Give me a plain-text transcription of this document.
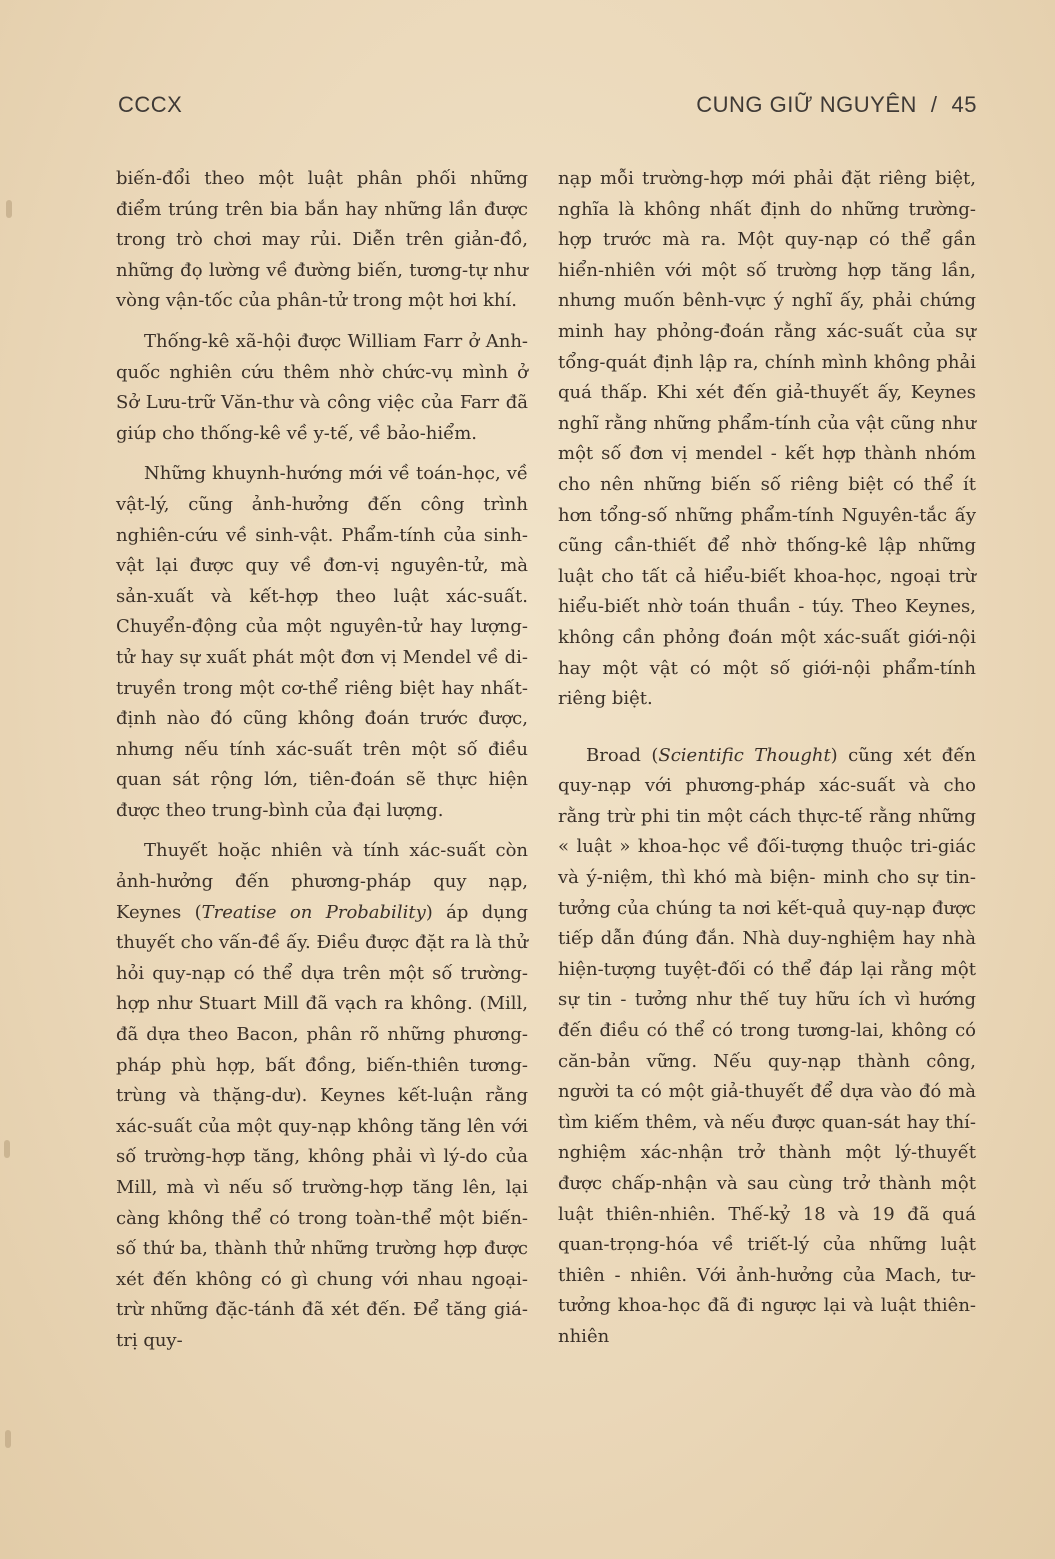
CCCX	CUNG GIỮ NGUYÊN / 45

biến-đổi theo một luật phân phối những điểm trúng trên bia bắn hay những lần được trong trò chơi may rủi. Diễn trên giản-đồ, những đọ lường về đường biến, tương-tự như vòng vận-tốc của phân-tử trong một hơi khí.

Thống-kê xã-hội được William Farr ở Anh-quốc nghiên cứu thêm nhờ chức-vụ mình ở Sở Lưu-trữ Văn-thư và công việc của Farr đã giúp cho thống-kê về y-tế, về bảo-hiểm.

Những khuynh-hướng mới về toán-học, về vật-lý, cũng ảnh-hưởng đến công trình nghiên-cứu về sinh-vật. Phẩm-tính của sinh-vật lại được quy về đơn-vị nguyên-tử, mà sản-xuất và kết-hợp theo luật xác-suất. Chuyển-động của một nguyên-tử hay lượng-tử hay sự xuất phát một đơn vị Mendel về di-truyền trong một cơ-thể riêng biệt hay nhất-định nào đó cũng không đoán trước được, nhưng nếu tính xác-suất trên một số điều quan sát rộng lớn, tiên-đoán sẽ thực hiện được theo trung-bình của đại lượng.

Thuyết hoặc nhiên và tính xác-suất còn ảnh-hưởng đến phương-pháp quy nạp, Keynes (Treatise on Probability) áp dụng thuyết cho vấn-đề ấy. Điều được đặt ra là thử hỏi quy-nạp có thể dựa trên một số trường-hợp như Stuart Mill đã vạch ra không. (Mill, đã dựa theo Bacon, phân rõ những phương-pháp phù hợp, bất đồng, biến-thiên tương-trùng và thặng-dư). Keynes kết-luận rằng xác-suất của một quy-nạp không tăng lên với số trường-hợp tăng, không phải vì lý-do của Mill, mà vì nếu số trường-hợp tăng lên, lại càng không thể có trong toàn-thể một biến-số thứ ba, thành thử những trường hợp được xét đến không có gì chung với nhau ngoại-trừ những đặc-tánh đã xét đến. Để tăng giá-trị quy-

nạp mỗi trường-hợp mới phải đặt riêng biệt, nghĩa là không nhất định do những trường-hợp trước mà ra. Một quy-nạp có thể gần hiển-nhiên với một số trường hợp tăng lần, nhưng muốn bênh-vực ý nghĩ ấy, phải chứng minh hay phỏng-đoán rằng xác-suất của sự tổng-quát định lập ra, chính mình không phải quá thấp. Khi xét đến giả-thuyết ấy, Keynes nghĩ rằng những phẩm-tính của vật cũng như một số đơn vị mendel - kết hợp thành nhóm cho nên những biến số riêng biệt có thể ít hơn tổng-số những phẩm-tính Nguyên-tắc ấy cũng cần-thiết để nhờ thống-kê lập những luật cho tất cả hiểu-biết khoa-học, ngoại trừ hiểu-biết nhờ toán thuần - túy. Theo Keynes, không cần phỏng đoán một xác-suất giới-nội hay một vật có một số giới-nội phẩm-tính riêng biệt.

Broad (Scientific Thought) cũng xét đến quy-nạp với phương-pháp xác-suất và cho rằng trừ phi tin một cách thực-tế rằng những « luật » khoa-học về đối-tượng thuộc tri-giác và ý-niệm, thì khó mà biện- minh cho sự tin-tưởng của chúng ta nơi kết-quả quy-nạp được tiếp dẫn đúng đắn. Nhà duy-nghiệm hay nhà hiện-tượng tuyệt-đối có thể đáp lại rằng một sự tin - tưởng như thế tuy hữu ích vì hướng đến điều có thể có trong tương-lai, không có căn-bản vững. Nếu quy-nạp thành công, người ta có một giả-thuyết để dựa vào đó mà tìm kiếm thêm, và nếu được quan-sát hay thí-nghiệm xác-nhận trở thành một lý-thuyết được chấp-nhận và sau cùng trở thành một luật thiên-nhiên. Thế-kỷ 18 và 19 đã quá quan-trọng-hóa về triết-lý của những luật thiên - nhiên. Với ảnh-hưởng của Mach, tư-tưởng khoa-học đã đi ngược lại và luật thiên-nhiên
